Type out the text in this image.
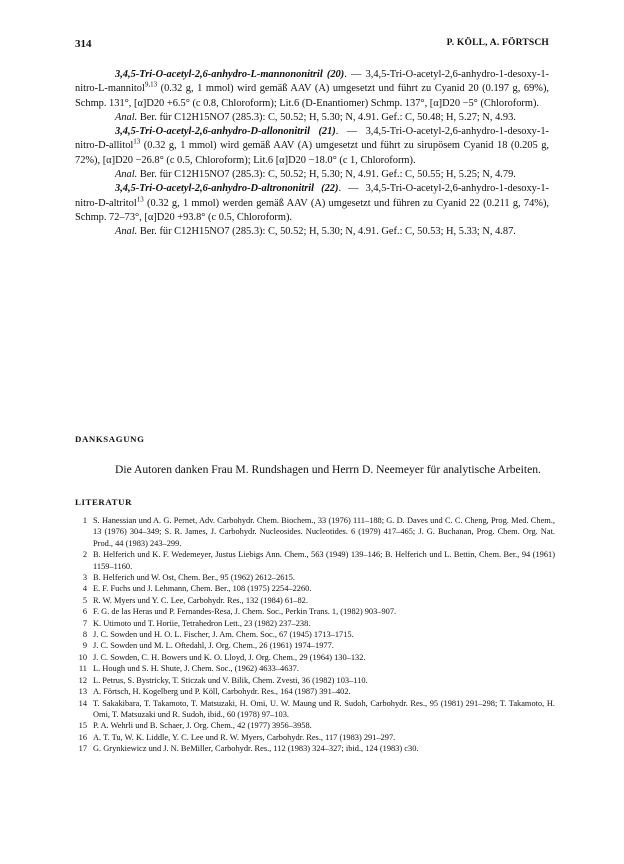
314	P. KÖLL, A. FÖRTSCH

3,4,5-Tri-O-acetyl-2,6-anhydro-L-mannononitril (20). — 3,4,5-Tri-O-acetyl-2,6-anhydro-1-desoxy-1-nitro-L-mannitol$^{9,13}$ (0.32 g, 1 mmol) wird gemäß AAV (A) umgesetzt und führt zu Cyanid 20 (0.197 g, 69%), Schmp. 131°, [α]D20 +6.5° (c 0.8, Chloroform); Lit.6 (D-Enantiomer) Schmp. 137°, [α]D20 −5° (Chloroform).

Anal. Ber. für C12H15NO7 (285.3): C, 50.52; H, 5.30; N, 4.91. Gef.: C, 50.48; H, 5.27; N, 4.93.

3,4,5-Tri-O-acetyl-2,6-anhydro-D-allononitril (21). — 3,4,5-Tri-O-acetyl-2,6-anhydro-1-desoxy-1-nitro-D-allitol$^{13}$ (0.32 g, 1 mmol) wird gemäß AAV (A) umgesetzt und führt zu sirupösem Cyanid 18 (0.205 g, 72%), [α]D20 −26.8° (c 0.5, Chloroform); Lit.6 [α]D20 −18.0° (c 1, Chloroform).

Anal. Ber. für C12H15NO7 (285.3): C, 50.52; H, 5.30; N, 4.91. Gef.: C, 50.55; H, 5.25; N, 4.79.

3,4,5-Tri-O-acetyl-2,6-anhydro-D-altrononitril (22). — 3,4,5-Tri-O-acetyl-2,6-anhydro-1-desoxy-1-nitro-D-altritol$^{13}$ (0.32 g, 1 mmol) werden gemäß AAV (A) umgesetzt und führen zu Cyanid 22 (0.211 g, 74%), Schmp. 72–73°, [α]D20 +93.8° (c 0.5, Chloroform).

Anal. Ber. für C12H15NO7 (285.3): C, 50.52; H, 5.30; N, 4.91. Gef.: C, 50.53; H, 5.33; N, 4.87.

DANKSAGUNG
Die Autoren danken Frau M. Rundshagen und Herrn D. Neemeyer für analytische Arbeiten.
LITERATUR
1 S. Hanessian und A. G. Pernet, Adv. Carbohydr. Chem. Biochem., 33 (1976) 111–188; G. D. Daves und C. C. Cheng, Prog. Med. Chem., 13 (1976) 304–349; S. R. James, J. Carbohydr. Nucleosides. Nucleotides. 6 (1979) 417–465; J. G. Buchanan, Prog. Chem. Org. Nat. Prod., 44 (1983) 243–299.
2 B. Helferich und K. F. Wedemeyer, Justus Liebigs Ann. Chem., 563 (1949) 139–146; B. Helferich und L. Bettin, Chem. Ber., 94 (1961) 1159–1160.
3 B. Helferich und W. Ost, Chem. Ber., 95 (1962) 2612–2615.
4 E. F. Fuchs und J. Lehmann, Chem. Ber., 108 (1975) 2254–2260.
5 R. W. Myers und Y. C. Lee, Carbohydr. Res., 132 (1984) 61–82.
6 F. G. de las Heras und P. Fernandes-Resa, J. Chem. Soc., Perkin Trans. 1, (1982) 903–907.
7 K. Utimoto und T. Horiie, Tetrahedron Lett., 23 (1982) 237–238.
8 J. C. Sowden und H. O. L. Fischer, J. Am. Chem. Soc., 67 (1945) 1713–1715.
9 J. C. Sowden und M. L. Oftedahl, J. Org. Chem., 26 (1961) 1974–1977.
10 J. C. Sowden, C. H. Bowers und K. O. Lloyd, J. Org. Chem., 29 (1964) 130–132.
11 L. Hough und S. H. Shute, J. Chem. Soc., (1962) 4633–4637.
12 L. Petrus, S. Bystricky, T. Sticzak und V. Bilik, Chem. Zvesti, 36 (1982) 103–110.
13 A. Förtsch, H. Kogelberg und P. Köll, Carbohydr. Res., 164 (1987) 391–402.
14 T. Sakakibara, T. Takamoto, T. Matsuzaki, H. Omi, U. W. Maung und R. Sudoh, Carbohydr. Res., 95 (1981) 291–298; T. Takamoto, H. Omi, T. Matsuzaki und R. Sudoh, ibid., 60 (1978) 97–103.
15 P. A. Wehrli und B. Schaer, J. Org. Chem., 42 (1977) 3956–3958.
16 A. T. Tu, W. K. Liddle, Y. C. Lee und R. W. Myers, Carbohydr. Res., 117 (1983) 291–297.
17 G. Grynkiewicz und J. N. BeMiller, Carbohydr. Res., 112 (1983) 324–327; ibid., 124 (1983) c30.
